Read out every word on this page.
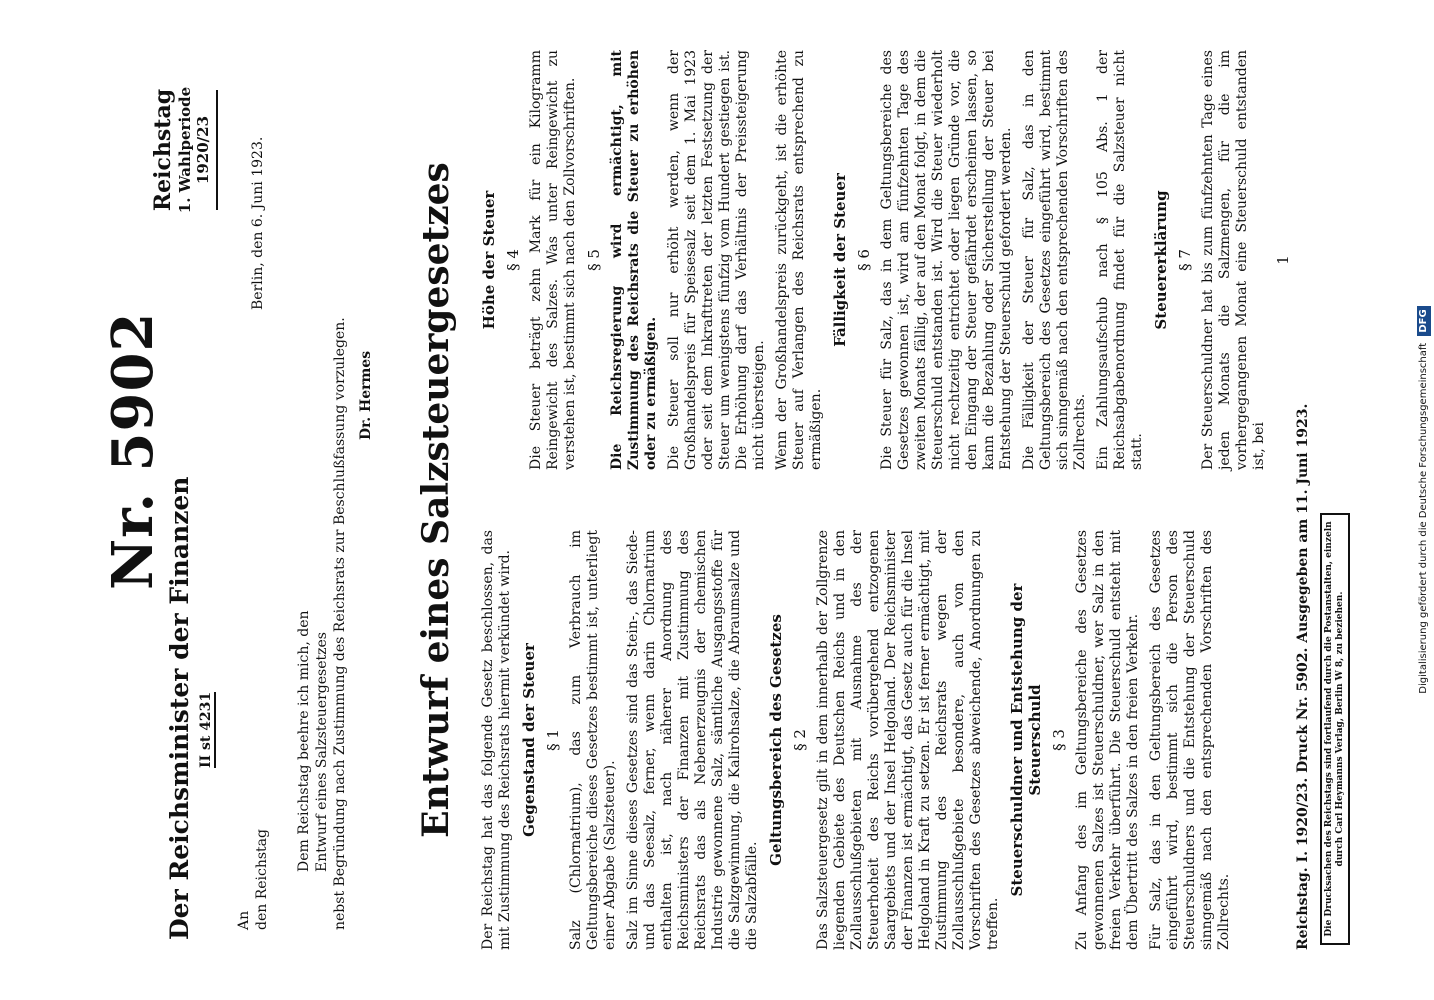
Der Reichsminister der Finanzen II st 4231
Nr. 5902
Reichstag 1. Wahlperiode 1920/23
An den Reichstag
Berlin, den 6. Juni 1923.
Dem Reichstag beehre ich mich, den Entwurf eines Salzsteuergesetzes nebst Begründung nach Zustimmung des Reichsrats zur Beschlußfassung vorzulegen. Dr. Hermes Entwurf eines Salzsteuergesetzes Der Reichstag hat das folgende Gesetz beschlossen, das mit Zustimmung des Reichsrats hiermit verkündet wird. Gegenstand der Steuer § 1 Salz (Chlornatrium), das zum Verbrauch im Geltungsbereiche dieses Gesetzes bestimmt ist, unterliegt einer Abgabe (Salzsteuer). Salz im Sinne dieses Gesetzes sind das Stein-, das Siede- und das Seesalz, ferner, wenn darin Chlornatrium enthalten ist, nach näherer Anordnung des Reichsministers der Finanzen mit Zustimmung des Reichsrats das als Nebenerzeugnis der chemischen Industrie gewonnene Salz, sämtliche Ausgangsstoffe für die Salzgewinnung, die Kalirohsalze, die Abraumsalze und die Salzabfälle.

Geltungsbereich des Gesetzes § 2 Das Salzsteuergesetz gilt in dem innerhalb der Zollgrenze liegenden Gebiete des Deutschen Reichs und in den Zollausschlußgebieten mit Ausnahme des der Steuerhoheit des Reichs vorübergehend entzogenen Saargebiets und der Insel Helgoland. Der Reichsminister der Finanzen ist ermächtigt, das Gesetz auch für die Insel Helgoland in Kraft zu setzen. Er ist ferner ermächtigt, mit Zustimmung des Reichsrats wegen der Zollausschlußgebiete besondere, auch von den Vorschriften des Gesetzes abweichende, Anordnungen zu treffen.

Steuerschuldner und Entstehung der Steuerschuld § 3 Zu Anfang des im Geltungsbereiche des Gesetzes gewonnenen Salzes ist Steuerschuldner, wer Salz in den freien Verkehr überführt. Die Steuerschuld entsteht mit dem Übertritt des Salzes in den freien Verkehr. Für Salz, das in den Geltungsbereich des Gesetzes eingeführt wird, bestimmt sich die Person des Steuerschuldners und die Entstehung der Steuerschuld sinngemäß nach den entsprechenden Vorschriften des Zollrechts.

Höhe der Steuer § 4 Die Steuer beträgt zehn Mark für ein Kilogramm Reingewicht des Salzes. Was unter Reingewicht zu verstehen ist, bestimmt sich nach den Zollvorschriften. § 5 Die Reichsregierung wird ermächtigt, mit Zustimmung des Reichsrats die Steuer zu erhöhen oder zu ermäßigen. Die Steuer soll nur erhöht werden, wenn der Großhandelspreis für Speisesalz seit dem 1. Mai 1923 oder seit dem Inkrafttreten der letzten Festsetzung der Steuer um wenigstens fünfzig vom Hundert gestiegen ist. Die Erhöhung darf das Verhältnis der Preissteigerung nicht übersteigen. Wenn der Großhandelspreis zurückgeht, ist die erhöhte Steuer auf Verlangen des Reichsrats entsprechend zu ermäßigen.

Fälligkeit der Steuer § 6 Die Steuer für Salz, das in dem Geltungsbereiche des Gesetzes gewonnen ist, wird am fünfzehnten Tage des zweiten Monats fällig, der auf den Monat folgt, in dem die Steuerschuld entstanden ist. Wird die Steuer wiederholt nicht rechtzeitig entrichtet oder liegen Gründe vor, die den Eingang der Steuer gefährdet erscheinen lassen, so kann die Bezahlung oder Sicherstellung der Steuer bei Entstehung der Steuerschuld gefordert werden. Die Fälligkeit der Steuer für Salz, das in den Geltungsbereich des Gesetzes eingeführt wird, bestimmt sich sinngemäß nach den entsprechenden Vorschriften des Zollrechts. Ein Zahlungsaufschub nach § 105 Abs. 1 der Reichsabgabenordnung findet für die Salzsteuer nicht statt.

Steuererklärung § 7 Der Steuerschuldner hat bis zum fünfzehnten Tage eines jeden Monats die Salzmengen, für die im vorhergegangenen Monat eine Steuerschuld entstanden ist, bei

1

Reichstag. I. 1920/23. Druck Nr. 5902. Ausgegeben am 11. Juni 1923.	Die Drucksachen des Reichstags sind fortlaufend durch die Postanstalten, einzeln durch Carl Heymanns Verlag, Berlin W 8, zu beziehen.
Digitalisierung gefördert durch die Deutsche Forschungsgemeinschaft DFG
